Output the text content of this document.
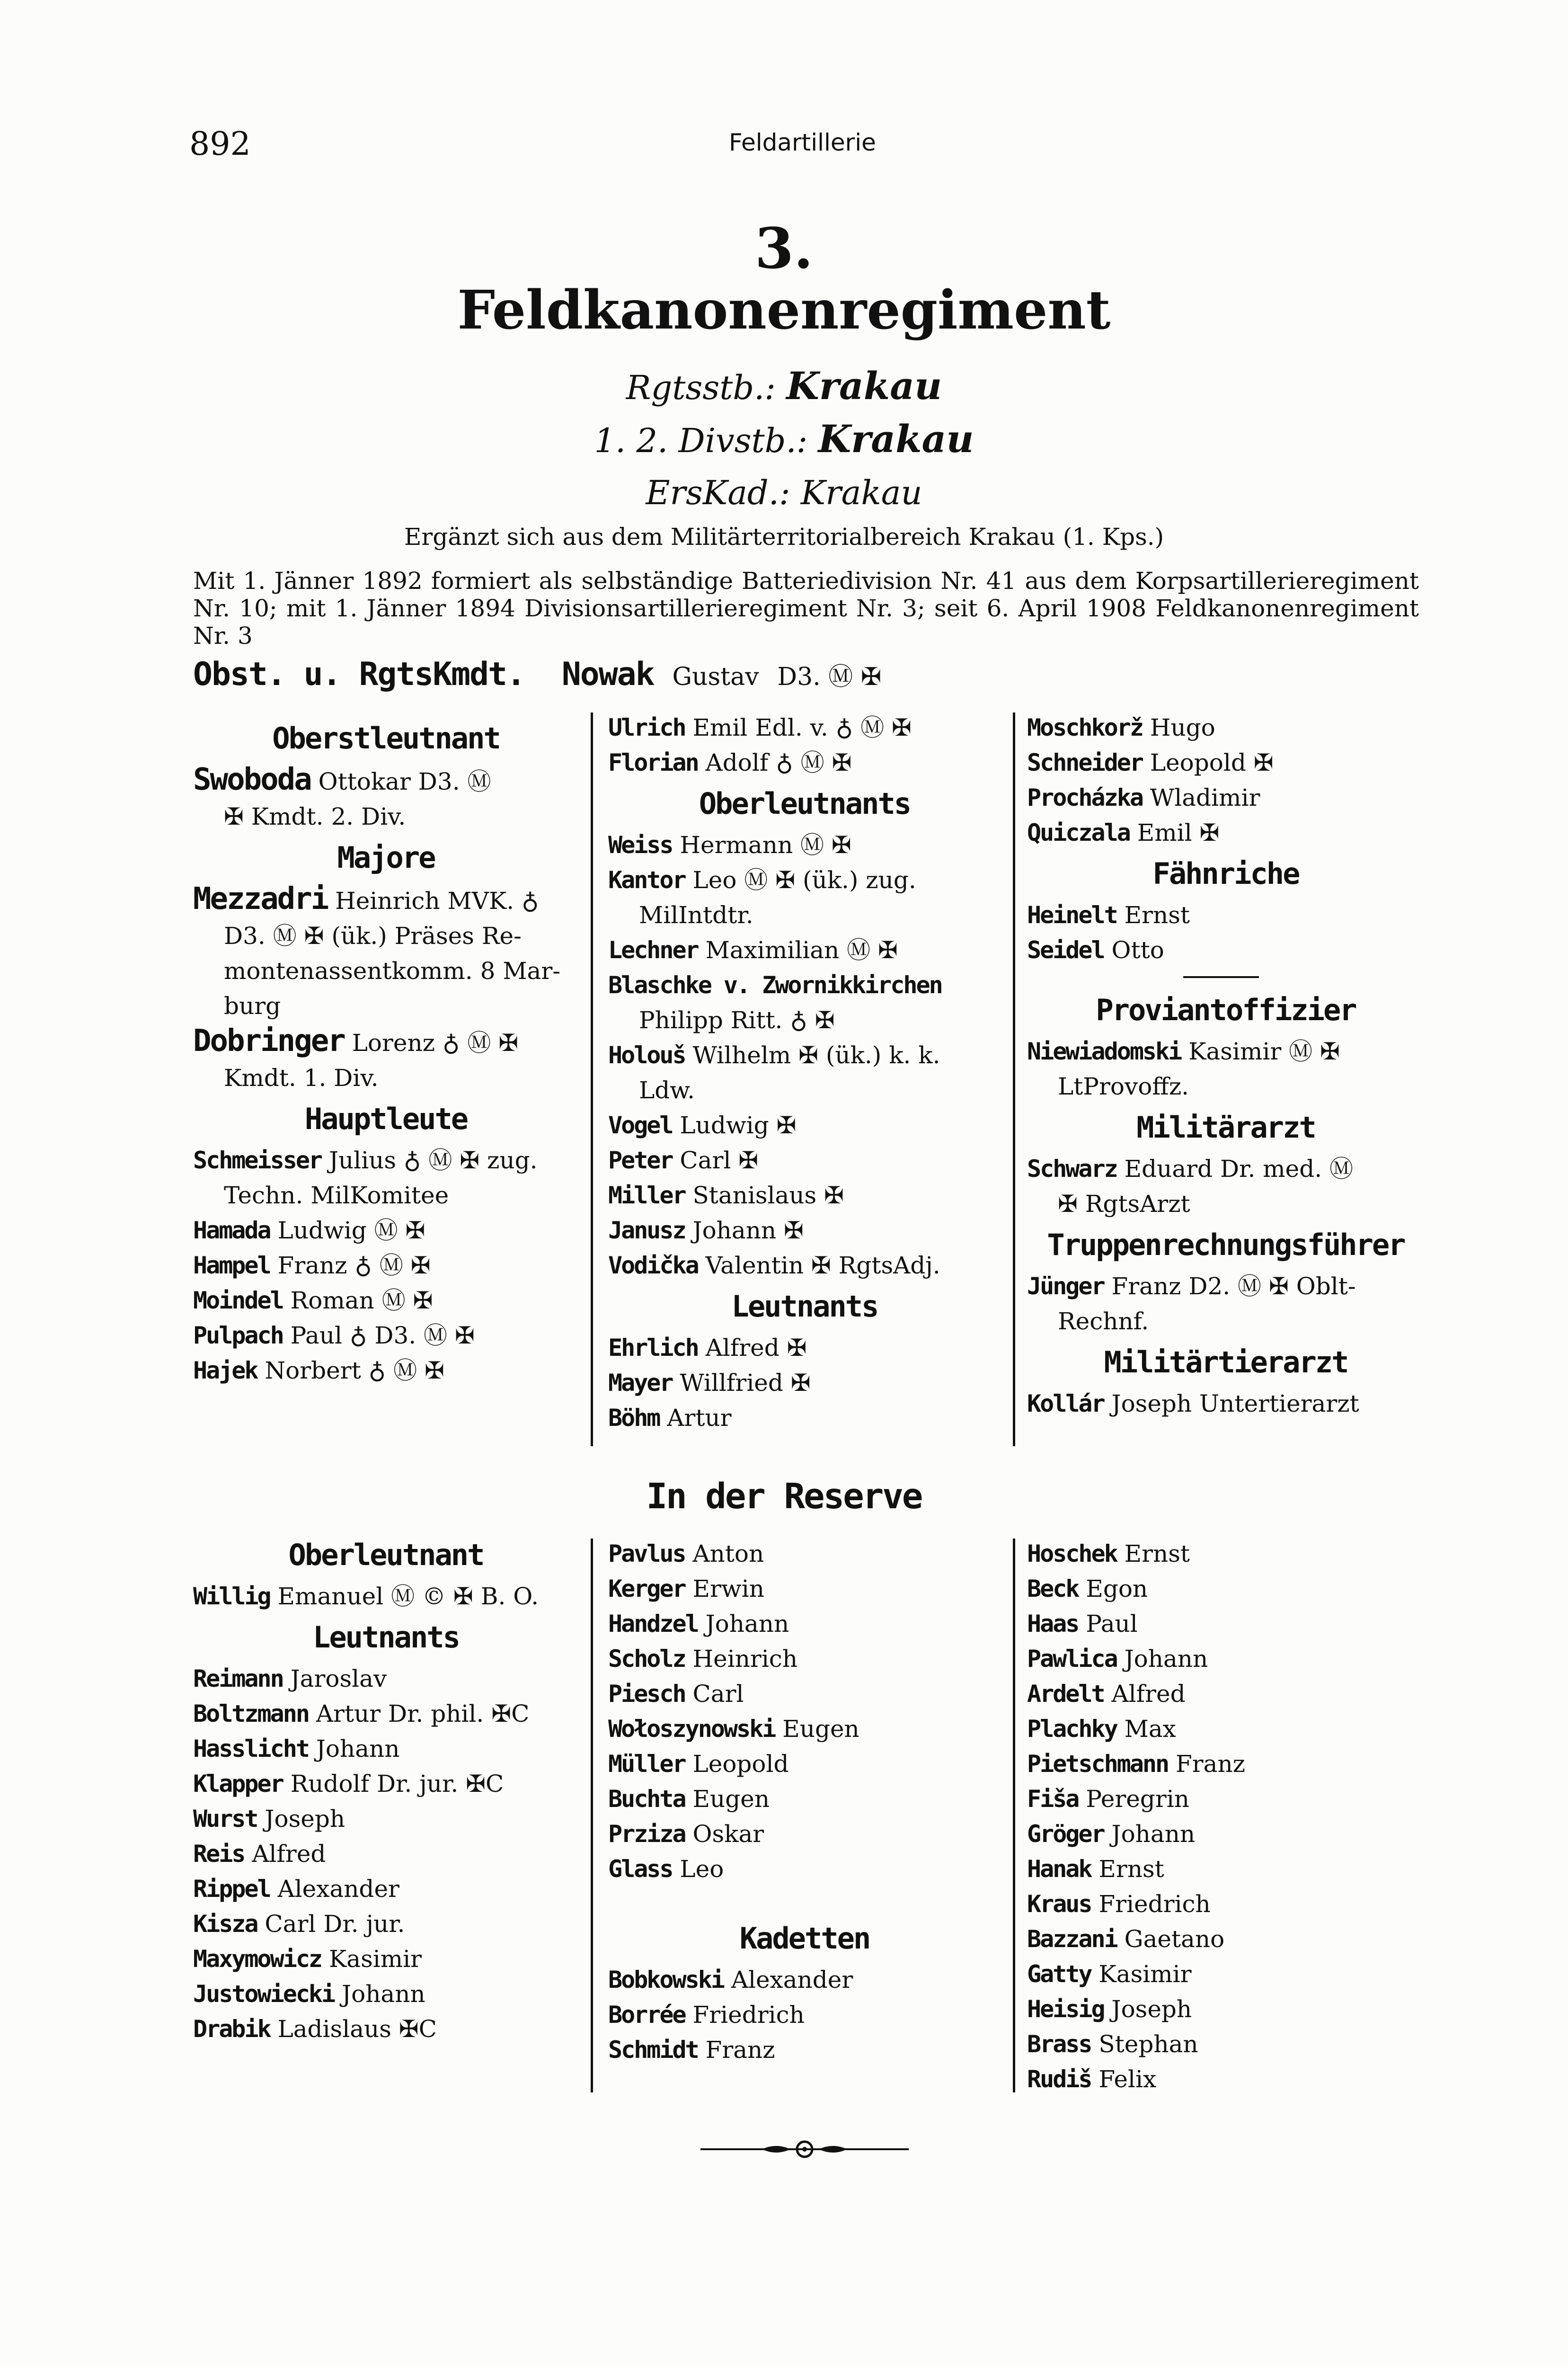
892	Feldartillerie
3.
Feldkanonenregiment
Rgtsstb.: Krakau
1. 2. Divstb.: Krakau
ErsKad.: Krakau
Ergänzt sich aus dem Militärterritorialbereich Krakau (1. Kps.)
Mit 1. Jänner 1892 formiert als selbständige Batteriedivision Nr. 41 aus dem Korpsartillerieregiment Nr. 10; mit 1. Jänner 1894 Divisionsartillerieregiment Nr. 3; seit 6. April 1908 Feldkanonenregiment Nr. 3
Obst. u. RgtsKmdt. Nowak Gustav D3. Ⓜ ✠
Oberstleutnant
Swoboda Ottokar D3. Ⓜ
✠ Kmdt. 2. Div.
Majore
Mezzadri Heinrich MVK. ♁
D3. Ⓜ ✠ (ük.) Präses Re-
montenassentkomm. 8 Mar-
burg
Dobringer Lorenz ♁ Ⓜ ✠
Kmdt. 1. Div.
Hauptleute
Schmeisser Julius ♁ Ⓜ ✠ zug.
Techn. MilKomitee
Hamada Ludwig Ⓜ ✠
Hampel Franz ♁ Ⓜ ✠
Moindel Roman Ⓜ ✠
Pulpach Paul ♁ D3. Ⓜ ✠
Hajek Norbert ♁ Ⓜ ✠
Ulrich Emil Edl. v. ♁ Ⓜ ✠
Florian Adolf ♁ Ⓜ ✠
Oberleutnants
Weiss Hermann Ⓜ ✠
Kantor Leo Ⓜ ✠ (ük.) zug.
MilIntdtr.
Lechner Maximilian Ⓜ ✠
Blaschke v. Zwornikkirchen
Philipp Ritt. ♁ ✠
Holouš Wilhelm ✠ (ük.) k. k.
Ldw.
Vogel Ludwig ✠
Peter Carl ✠
Miller Stanislaus ✠
Janusz Johann ✠
Vodička Valentin ✠ RgtsAdj.
Leutnants
Ehrlich Alfred ✠
Mayer Willfried ✠
Böhm Artur
Moschkorž Hugo
Schneider Leopold ✠
Procházka Wladimir
Quiczala Emil ✠
Fähnriche
Heinelt Ernst
Seidel Otto
Proviantoffizier
Niewiadomski Kasimir Ⓜ ✠
LtProvoffz.
Militärarzt
Schwarz Eduard Dr. med. Ⓜ
✠ RgtsArzt
Truppenrechnungsführer
Jünger Franz D2. Ⓜ ✠ Oblt-
Rechnf.
Militärtierarzt
Kollár Joseph Untertierarzt
In der Reserve
Oberleutnant
Willig Emanuel Ⓜ © ✠ B. O.
Leutnants
Reimann Jaroslav
Boltzmann Artur Dr. phil. ✠C
Hasslicht Johann
Klapper Rudolf Dr. jur. ✠C
Wurst Joseph
Reis Alfred
Rippel Alexander
Kisza Carl Dr. jur.
Maxymowicz Kasimir
Justowiecki Johann
Drabik Ladislaus ✠C
Pavlus Anton
Kerger Erwin
Handzel Johann
Scholz Heinrich
Piesch Carl
Wołoszynowski Eugen
Müller Leopold
Buchta Eugen
Prziza Oskar
Glass Leo
Kadetten
Bobkowski Alexander
Borrée Friedrich
Schmidt Franz
Hoschek Ernst
Beck Egon
Haas Paul
Pawlica Johann
Ardelt Alfred
Plachky Max
Pietschmann Franz
Fiša Peregrin
Gröger Johann
Hanak Ernst
Kraus Friedrich
Bazzani Gaetano
Gatty Kasimir
Heisig Joseph
Brass Stephan
Rudiš Felix
